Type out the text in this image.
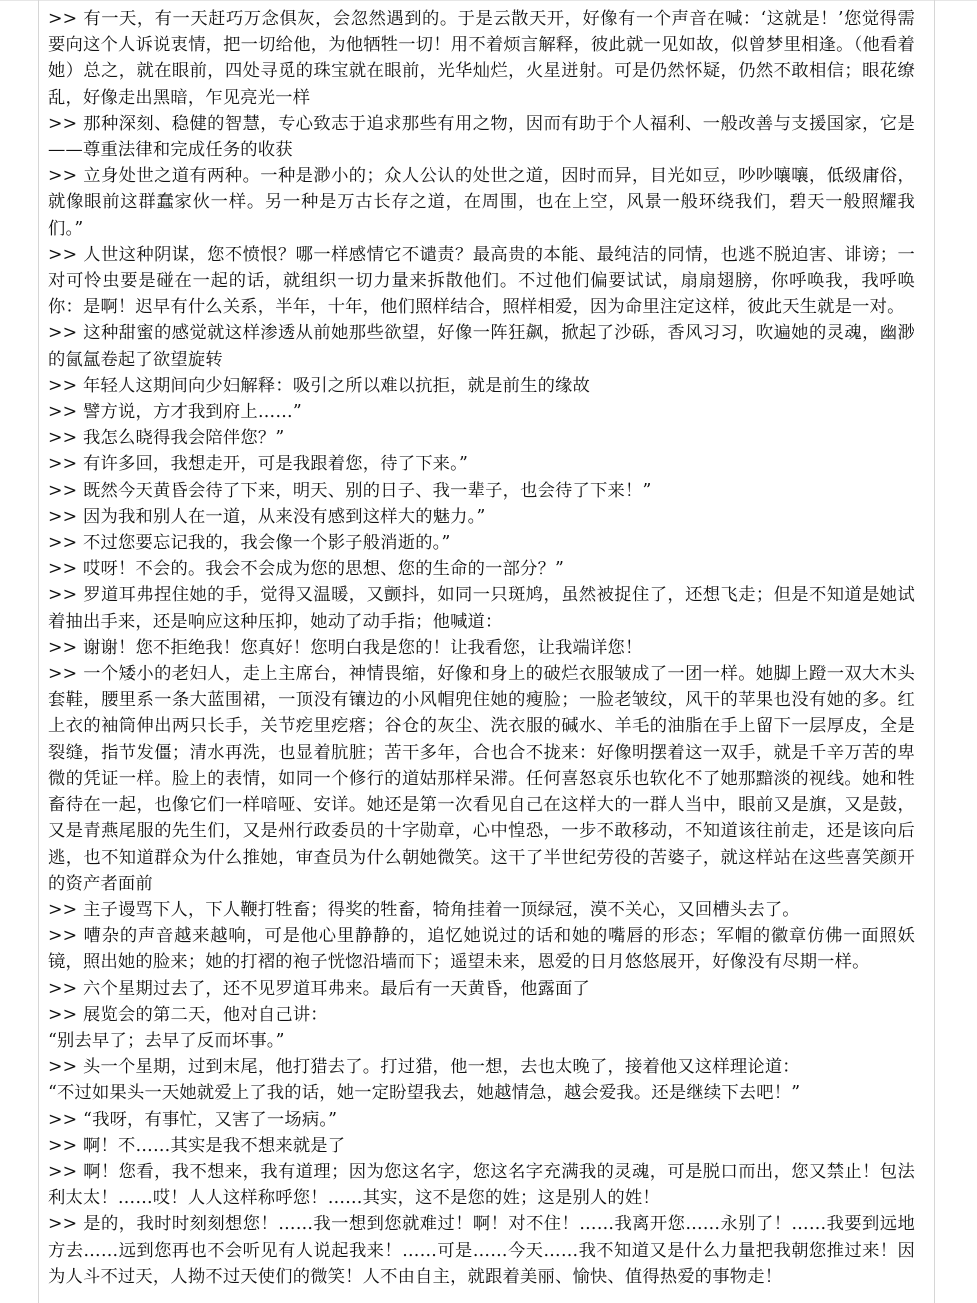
>> 有一天，有一天赶巧万念俱灰，会忽然遇到的。于是云散天开，好像有一个声音在喊：‘这就是！’您觉得需要向这个人诉说衷情，把一切给他，为他牺牲一切！用不着烦言解释，彼此就一见如故，似曾梦里相逢。（他看着她）总之，就在眼前，四处寻觅的珠宝就在眼前，光华灿烂，火星迸射。可是仍然怀疑，仍然不敢相信；眼花缭乱，好像走出黑暗，乍见亮光一样

>> 那种深刻、稳健的智慧，专心致志于追求那些有用之物，因而有助于个人福利、一般改善与支援国家，它是——尊重法律和完成任务的收获

>> 立身处世之道有两种。一种是渺小的；众人公认的处世之道，因时而异，目光如豆，吵吵嚷嚷，低级庸俗，就像眼前这群蠢家伙一样。另一种是万古长存之道，在周围，也在上空，风景一般环绕我们，碧天一般照耀我们。”

>> 人世这种阴谋，您不愤恨？哪一样感情它不谴责？最高贵的本能、最纯洁的同情，也逃不脱迫害、诽谤；一对可怜虫要是碰在一起的话，就组织一切力量来拆散他们。不过他们偏要试试，扇扇翅膀，你呼唤我，我呼唤你：是啊！迟早有什么关系，半年，十年，他们照样结合，照样相爱，因为命里注定这样，彼此天生就是一对。

>> 这种甜蜜的感觉就这样渗透从前她那些欲望，好像一阵狂飙，掀起了沙砾，香风习习，吹遍她的灵魂，幽渺的氤氲卷起了欲望旋转

>> 年轻人这期间向少妇解释：吸引之所以难以抗拒，就是前生的缘故

>> 譬方说，方才我到府上……”

>> 我怎么晓得我会陪伴您？”

>> 有许多回，我想走开，可是我跟着您，待了下来。”

>> 既然今天黄昏会待了下来，明天、别的日子、我一辈子，也会待了下来！”

>> 因为我和别人在一道，从来没有感到这样大的魅力。”

>> 不过您要忘记我的，我会像一个影子般消逝的。”

>> 哎呀！不会的。我会不会成为您的思想、您的生命的一部分？”

>> 罗道耳弗捏住她的手，觉得又温暖，又颤抖，如同一只斑鸠，虽然被捉住了，还想飞走；但是不知道是她试着抽出手来，还是响应这种压抑，她动了动手指；他喊道：

>> 谢谢！您不拒绝我！您真好！您明白我是您的！让我看您，让我端详您！

>> 一个矮小的老妇人，走上主席台，神情畏缩，好像和身上的破烂衣服皱成了一团一样。她脚上蹬一双大木头套鞋，腰里系一条大蓝围裙，一顶没有镶边的小风帽兜住她的瘦脸；一脸老皱纹，风干的苹果也没有她的多。红上衣的袖筒伸出两只长手，关节疙里疙瘩；谷仓的灰尘、洗衣服的碱水、羊毛的油脂在手上留下一层厚皮，全是裂缝，指节发僵；清水再洗，也显着肮脏；苦干多年，合也合不拢来：好像明摆着这一双手，就是千辛万苦的卑微的凭证一样。脸上的表情，如同一个修行的道姑那样呆滞。任何喜怒哀乐也软化不了她那黯淡的视线。她和牲畜待在一起，也像它们一样喑哑、安详。她还是第一次看见自己在这样大的一群人当中，眼前又是旗，又是鼓，又是青燕尾服的先生们，又是州行政委员的十字勋章，心中惶恐，一步不敢移动，不知道该往前走，还是该向后逃，也不知道群众为什么推她，审查员为什么朝她微笑。这干了半世纪劳役的苦婆子，就这样站在这些喜笑颜开的资产者面前

>> 主子谩骂下人，下人鞭打牲畜；得奖的牲畜，犄角挂着一顶绿冠，漠不关心，又回槽头去了。

>> 嘈杂的声音越来越响，可是他心里静静的，追忆她说过的话和她的嘴唇的形态；军帽的徽章仿佛一面照妖镜，照出她的脸来；她的打褶的袍子恍惚沿墙而下；遥望未来，恩爱的日月悠悠展开，好像没有尽期一样。

>> 六个星期过去了，还不见罗道耳弗来。最后有一天黄昏，他露面了

>> 展览会的第二天，他对自己讲：

“别去早了；去早了反而坏事。”

>> 头一个星期，过到末尾，他打猎去了。打过猎，他一想，去也太晚了，接着他又这样理论道：

“不过如果头一天她就爱上了我的话，她一定盼望我去，她越情急，越会爱我。还是继续下去吧！”

>> “我呀，有事忙，又害了一场病。”

>> 啊！不……其实是我不想来就是了

>> 啊！您看，我不想来，我有道理；因为您这名字，您这名字充满我的灵魂，可是脱口而出，您又禁止！包法利太太！……哎！人人这样称呼您！……其实，这不是您的姓；这是别人的姓！

>> 是的，我时时刻刻想您！……我一想到您就难过！啊！对不住！……我离开您……永别了！……我要到远地方去……远到您再也不会听见有人说起我来！……可是……今天……我不知道又是什么力量把我朝您推过来！因为人斗不过天，人拗不过天使们的微笑！人不由自主，就跟着美丽、愉快、值得热爱的事物走！
